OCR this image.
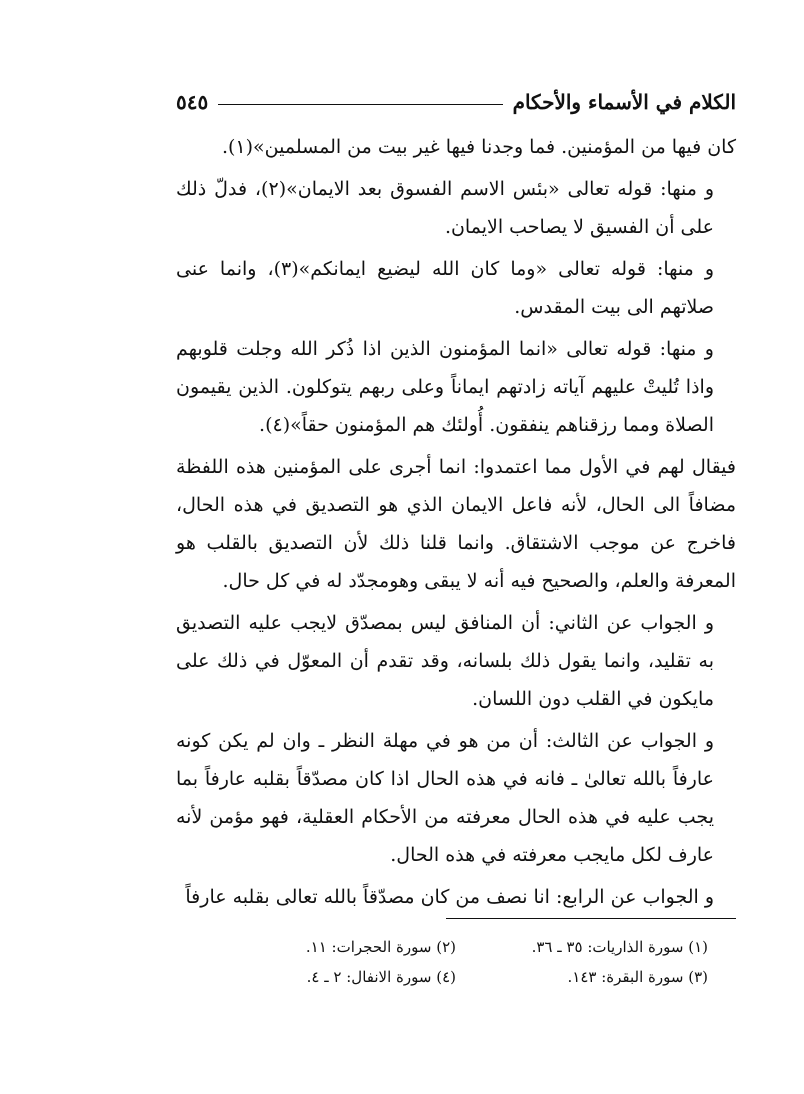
الكلام في الأسماء والأحكام
٥٤٥

كان فيها من المؤمنين. فما وجدنا فيها غير بيت من المسلمين»(١).

و منها: قوله تعالى «بئس الاسم الفسوق بعد الايمان»(٢)، فدلّ ذلك على أن الفسيق لا يصاحب الايمان.

و منها: قوله تعالى «وما كان الله ليضيع ايمانكم»(٣)، وانما عنى صلاتهم الى بيت المقدس.

و منها: قوله تعالى «انما المؤمنون الذين اذا ذُكر الله وجلت قلوبهم واذا تُليتْ عليهم آياته زادتهم ايماناً وعلى ربهم يتوكلون. الذين يقيمون الصلاة ومما رزقناهم ينفقون. أُولئك هم المؤمنون حقاً»(٤).

فيقال لهم في الأول مما اعتمدوا: انما أجرى على المؤمنين هذه اللفظة مضافاً الى الحال، لأنه فاعل الايمان الذي هو التصديق في هذه الحال، فاخرج عن موجب الاشتقاق. وانما قلنا ذلك لأن التصديق بالقلب هو المعرفة والعلم، والصحيح فيه أنه لا يبقى وهومجدّد له في كل حال.

و الجواب عن الثاني: أن المنافق ليس بمصدّق لايجب عليه التصديق به تقليد، وانما يقول ذلك بلسانه، وقد تقدم أن المعوّل في ذلك على مايكون في القلب دون اللسان.

و الجواب عن الثالث: أن من هو في مهلة النظر ـ وان لم يكن كونه عارفاً بالله تعالىٰ ـ فانه في هذه الحال اذا كان مصدّقاً بقلبه عارفاً بما يجب عليه في هذه الحال معرفته من الأحكام العقلية، فهو مؤمن لأنه عارف لكل مايجب معرفته في هذه الحال.

و الجواب عن الرابع: انا نصف من كان مصدّقاً بالله تعالى بقلبه عارفاً

(١) سورة الذاريات: ٣٥ ـ ٣٦.
(٢) سورة الحجرات: ١١.
(٣) سورة البقرة: ١٤٣.
(٤) سورة الانفال: ٢ ـ ٤.
